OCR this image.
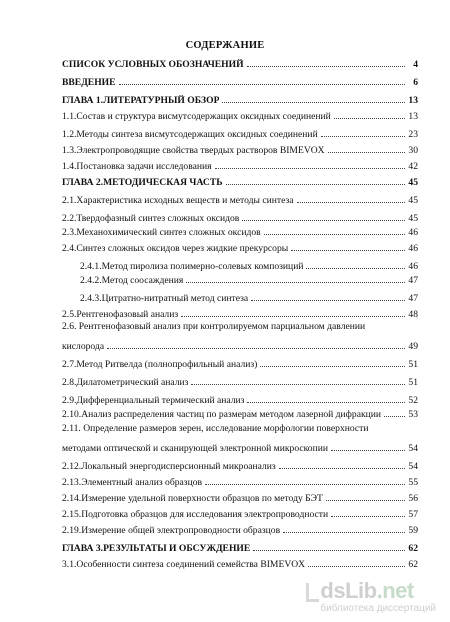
СОДЕРЖАНИЕ
СПИСОК УСЛОВНЫХ ОБОЗНАЧЕНИЙ	4
ВВЕДЕНИЕ	6
ГЛАВА 1. ЛИТЕРАТУРНЫЙ ОБЗОР	13
1.1. Состав и структура висмутсодержащих оксидных соединений	13
1.2. Методы синтеза висмутсодержащих оксидных соединений	23
1.3. Электропроводящие свойства твердых растворов BIMEVOX	30
1.4. Постановка задачи исследования	42
ГЛАВА 2. МЕТОДИЧЕСКАЯ ЧАСТЬ	45
2.1. Характеристика исходных веществ и методы синтеза	45
2.2. Твердофазный синтез сложных оксидов	45
2.3. Механохимический синтез сложных оксидов	46
2.4. Синтез сложных оксидов через жидкие прекурсоры	46
2.4.1. Метод пиролиза полимерно-солевых композиций	46
2.4.2. Метод соосаждения	47
2.4.3. Цитратно-нитратный метод синтеза	47
2.5. Рентгенофазовый анализ	48
2.6. Рентгенофазовый анализ при контролируемом парциальном давлении
кислорода	49
2.7. Метод Ритвелда (полнопрофильный анализ)	51
2.8. Дилатометрический анализ	51
2.9. Дифференциальный термический анализ	52
2.10. Анализ распределения частиц по размерам методом лазерной дифракции	53
2.11. Определение размеров зерен, исследование морфологии поверхности
методами оптической и сканирующей электронной микроскопии	54
2.12. Локальный энергодисперсионный микроанализ	54
2.13. Элементный анализ образцов	55
2.14. Измерение удельной поверхности образцов по методу БЭТ	56
2.15. Подготовка образцов для исследования электропроводности	57
2.19. Измерение общей электропроводности образцов	59
ГЛАВА 3. РЕЗУЛЬТАТЫ И ОБСУЖДЕНИЕ	62
3.1. Особенности синтеза соединений семейства BIMEVOX	62
dsLib.net
библиотека диссертаций
